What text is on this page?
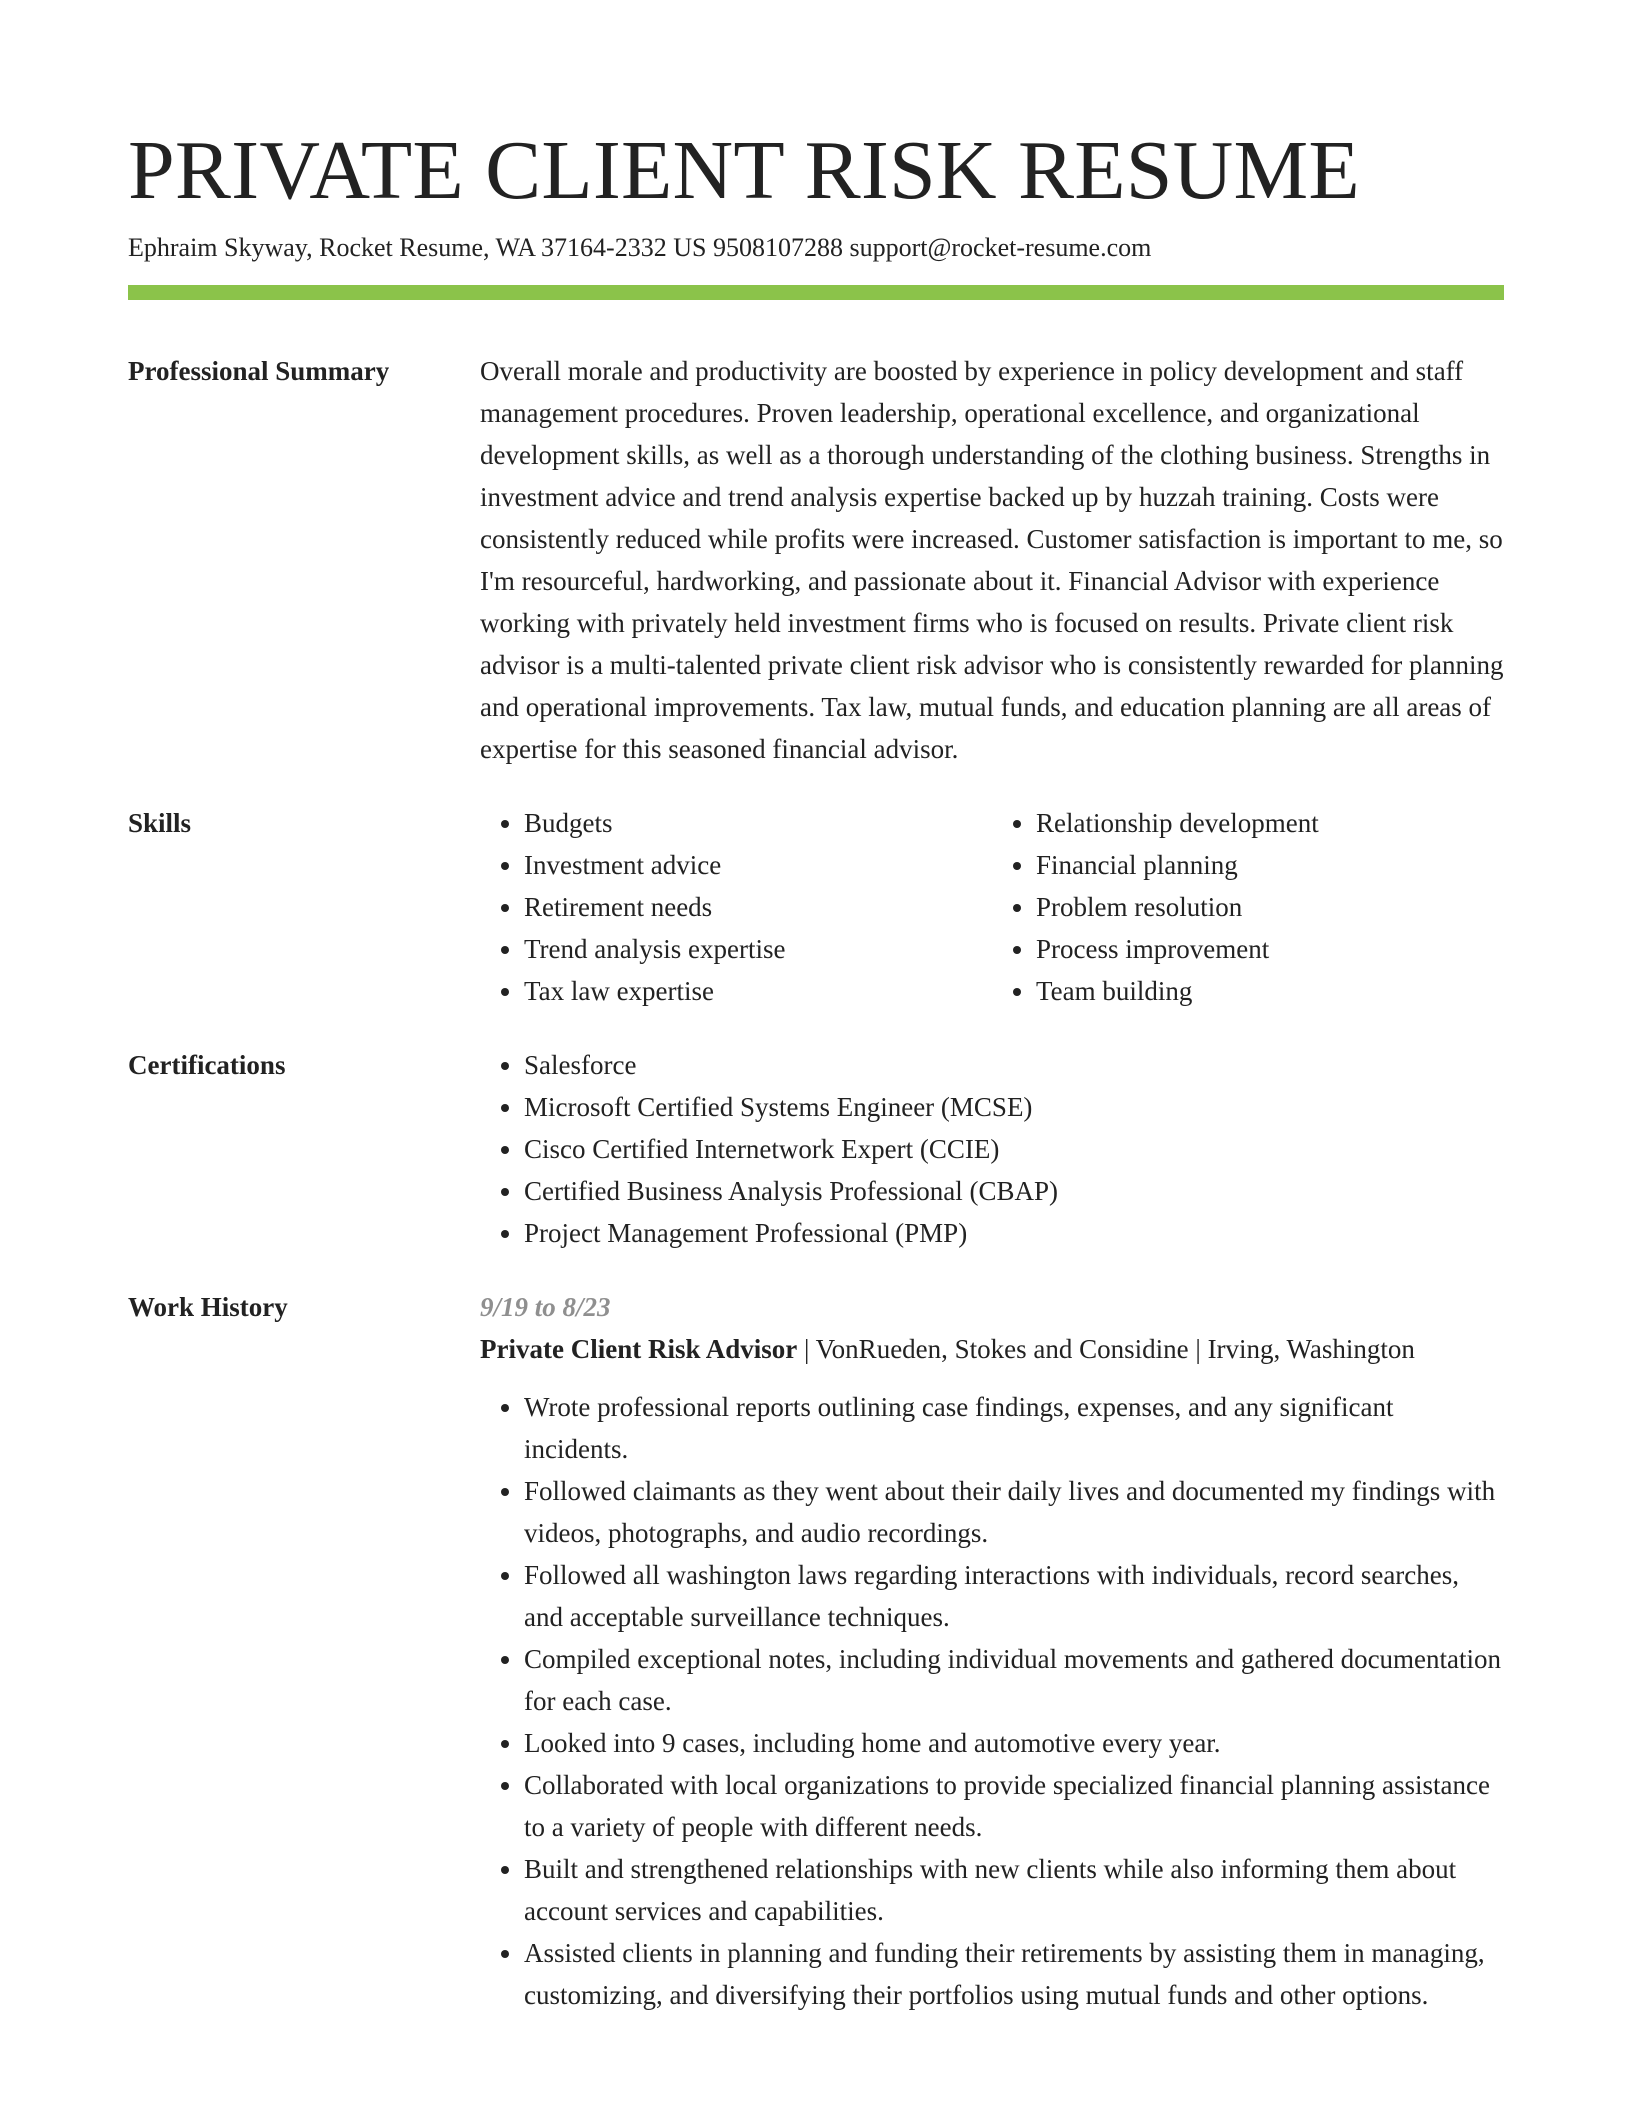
PRIVATE CLIENT RISK RESUME
Ephraim Skyway, Rocket Resume, WA 37164-2332 US 9508107288 support@rocket-resume.com
Professional Summary	Overall morale and productivity are boosted by experience in policy development and staff management procedures. Proven leadership, operational excellence, and organizational development skills, as well as a thorough understanding of the clothing business. Strengths in investment advice and trend analysis expertise backed up by huzzah training. Costs were consistently reduced while profits were increased. Customer satisfaction is important to me, so I'm resourceful, hardworking, and passionate about it. Financial Advisor with experience working with privately held investment firms who is focused on results. Private client risk advisor is a multi-talented private client risk advisor who is consistently rewarded for planning and operational improvements. Tax law, mutual funds, and education planning are all areas of expertise for this seasoned financial advisor.
Skills	• Budgets
• Investment advice
• Retirement needs
• Trend analysis expertise
• Tax law expertise
• Relationship development
• Financial planning
• Problem resolution
• Process improvement
• Team building
Certifications	• Salesforce
• Microsoft Certified Systems Engineer (MCSE)
• Cisco Certified Internetwork Expert (CCIE)
• Certified Business Analysis Professional (CBAP)
• Project Management Professional (PMP)
Work History	9/19 to 8/23
Private Client Risk Advisor | VonRueden, Stokes and Considine | Irving, Washington
• Wrote professional reports outlining case findings, expenses, and any significant incidents.
• Followed claimants as they went about their daily lives and documented my findings with videos, photographs, and audio recordings.
• Followed all washington laws regarding interactions with individuals, record searches, and acceptable surveillance techniques.
• Compiled exceptional notes, including individual movements and gathered documentation for each case.
• Looked into 9 cases, including home and automotive every year.
• Collaborated with local organizations to provide specialized financial planning assistance to a variety of people with different needs.
• Built and strengthened relationships with new clients while also informing them about account services and capabilities.
• Assisted clients in planning and funding their retirements by assisting them in managing, customizing, and diversifying their portfolios using mutual funds and other options.
